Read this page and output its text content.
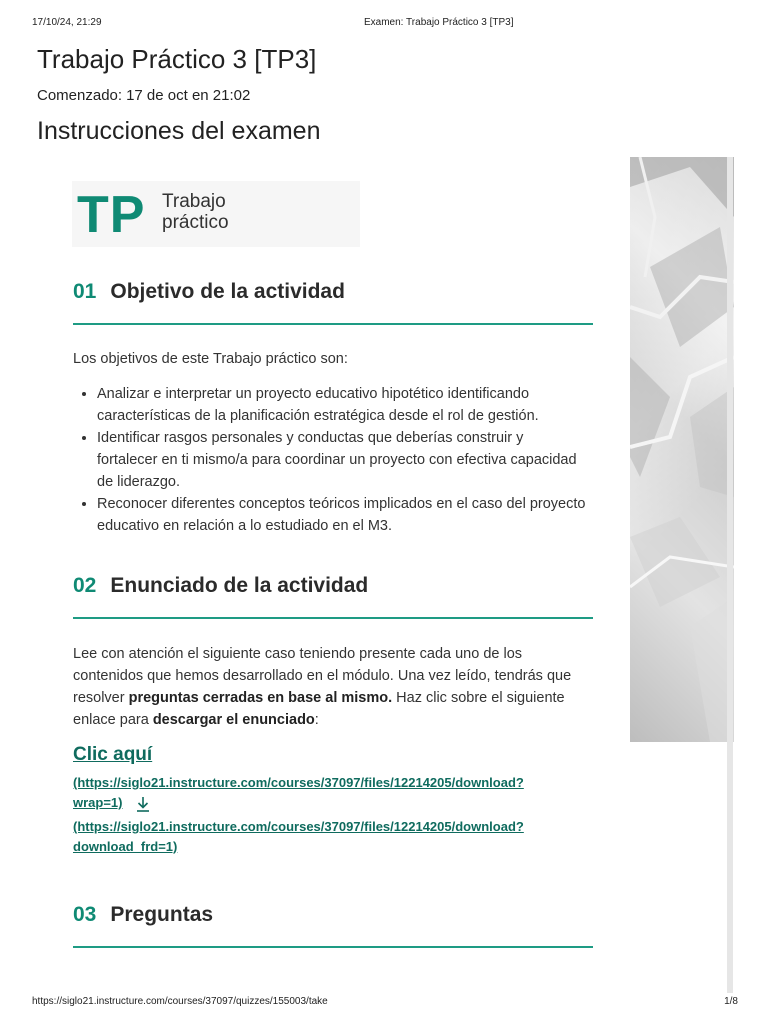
17/10/24, 21:29	Examen: Trabajo Práctico 3 [TP3]
Trabajo Práctico 3 [TP3]
Comenzado: 17 de oct en 21:02
Instrucciones del examen
TP Trabajo
práctico
01 Objetivo de la actividad
Los objetivos de este Trabajo práctico son:
• Analizar e interpretar un proyecto educativo hipotético identificando características de la planificación estratégica desde el rol de gestión.
• Identificar rasgos personales y conductas que deberías construir y fortalecer en ti mismo/a para coordinar un proyecto con efectiva capacidad de liderazgo.
• Reconocer diferentes conceptos teóricos implicados en el caso del proyecto educativo en relación a lo estudiado en el M3.
02 Enunciado de la actividad
Lee con atención el siguiente caso teniendo presente cada uno de los contenidos que hemos desarrollado en el módulo. Una vez leído, tendrás que resolver preguntas cerradas en base al mismo. Haz clic sobre el siguiente enlace para descargar el enunciado:
Clic aquí
(https://siglo21.instructure.com/courses/37097/files/12214205/download?
wrap=1)
(https://siglo21.instructure.com/courses/37097/files/12214205/download?
download_frd=1)
03 Preguntas
https://siglo21.instructure.com/courses/37097/quizzes/155003/take	1/8
